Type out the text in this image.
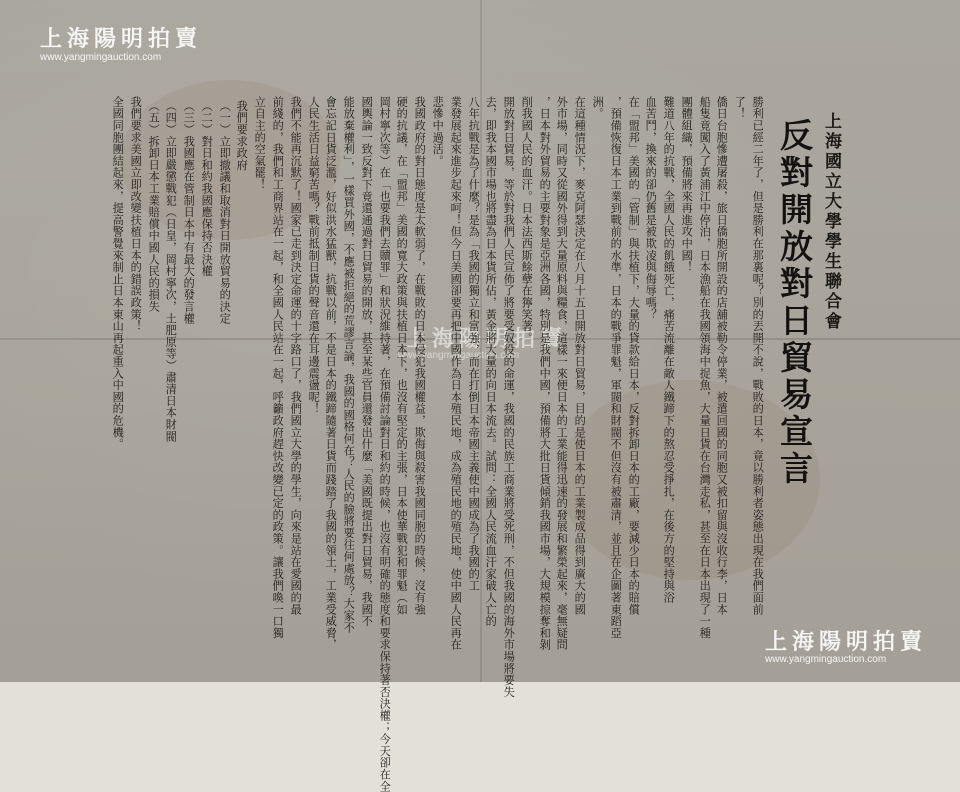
上海陽明拍賣
www.yangmingauction.com
上海陽明拍賣
www.yangmingauction.com
上海陽明拍賣
www.yangmingauction.com
上海國立大學學生聯合會
反對開放對日貿易宣言
勝利已經二年了，但是勝利在那裏呢？別的丟開不說，戰敗的日本，竟以勝利者姿態出現在我們面前
了！
僑日台胞慘遭屠殺，旅日僑胞所開設的店舖被勒令停業，被遣回國的同胞又被扣留與沒收行李，日本
船隻竟闖入了黃浦江中停泊，日本漁船在我國領海中捉魚，大量日貨在台灣走私，甚至在日本出現了一種
團體組織，預備將來再進攻中國！
難道八年的抗戰，全國人民的飢餓死亡，痛苦流離在敵人鐵蹄下的熬忍受掙扎，在後方的堅持與浴
血苦鬥，換來的卻仍舊是被欺凌與侮辱嗎？
在「盟邦」美國的「管制」與扶植下，大量的貸款給日本，反對拆卸日本的工廠，要減少日本的賠償
，預備恢復日本工業到戰前的水準，日本的戰爭罪魁，軍閥和財閥不但沒有被肅清，並且在企圖著東蹈亞
洲。
在這種情況下，麥克阿瑟決定在八月十五日開放對日貿易，目的是使日本的工業製成品得到廣大的國
外市場，同時又從國外得到大量原料與糧食，這樣一來便日本的工業能得迅速的發展和繁榮起來，毫無疑問
，日本對外貿易的主要對象是亞洲各國，特別是我們中國，預備將大批日貨傾銷我國市場，大規模掠奪和剝
削我國人民的血汗。日本法西斯餘孽在獰笑著。
開放對日貿易，等於對我們人民宣佈了將要受奴役的命運，我國的民族工商業將受死刑，不但我國的海外市場將要失
去，即我本國市場也將盡為日本貨所佔，黃金將大量的向日本流去。試問：全國人民流血汗家破人亡的
八年抗戰是為了什麼？是為「我國的獨立和富強，而在打倒日本帝國主義使中國成為了我國的工
業發展起來進步起來呵！但今日美國卻要再把中國作為日本殖民地，成為殖民地的殖民地，使中國人民再在
悲慘中過活。
我國政府的對日態度是太軟弱了，在戰敗的日本侵犯我國權益，欺侮與殺害我國同胞的時候，沒有強
硬的抗議，在「盟邦」美國的寬大政策與扶植日本下，也沒有堅定的主張，日本使華戰犯和罪魁（如
岡村寧次等）在「也要我們去贖罪」和狀況維持著，在預備討論對日和約的時候，也沒有明確的態度和要求保持著否決權；今天卻在全
國輿論一致反對下竟還通過對日貿易的開放，甚至某些官員還發出什麼「美國既提出對日貿易，我國不
能放棄權利」，一樣買外國，不應被拒絕的荒謬言論，我國的國格何在？人民的臉將要往何處放？大家不
會忘記日貨泛濫，好似洪水猛獸，抗戰以前，不是日本的鐵蹄隨著日貨而踐踏了我國的領土，工業受威脅，
人民生活日益窮苦嗎？戰前抵制日貨的聲音還在耳邊震盪呢！
我們不能再沉默了！國家已走到決定命運的十字路口了，我們國立大學的學生，向來是站在愛國的最
前綫的，我們和工商界站在一起，和全國人民站在一起，呼籲政府趕快改變已定的政策。讓我們喚一口獨
立自主的空氣罷！
我們要求政府
（一）立即撤議和取消對日開放貿易的決定
（二）對日和約我國應保持否決權
（三）我國應在管制日本中有最大的發言權
（四）立即嚴懲戰犯（日皇，岡村寧次，土肥原等）肅清日本財閥
（五）拆卸日本工業賠償中國人民的損失
我們要求美國立即改變扶植日本的錯誤政策！
全國同胞團結起來，提高警覺來制止日本東山再起重入中國的危機。
